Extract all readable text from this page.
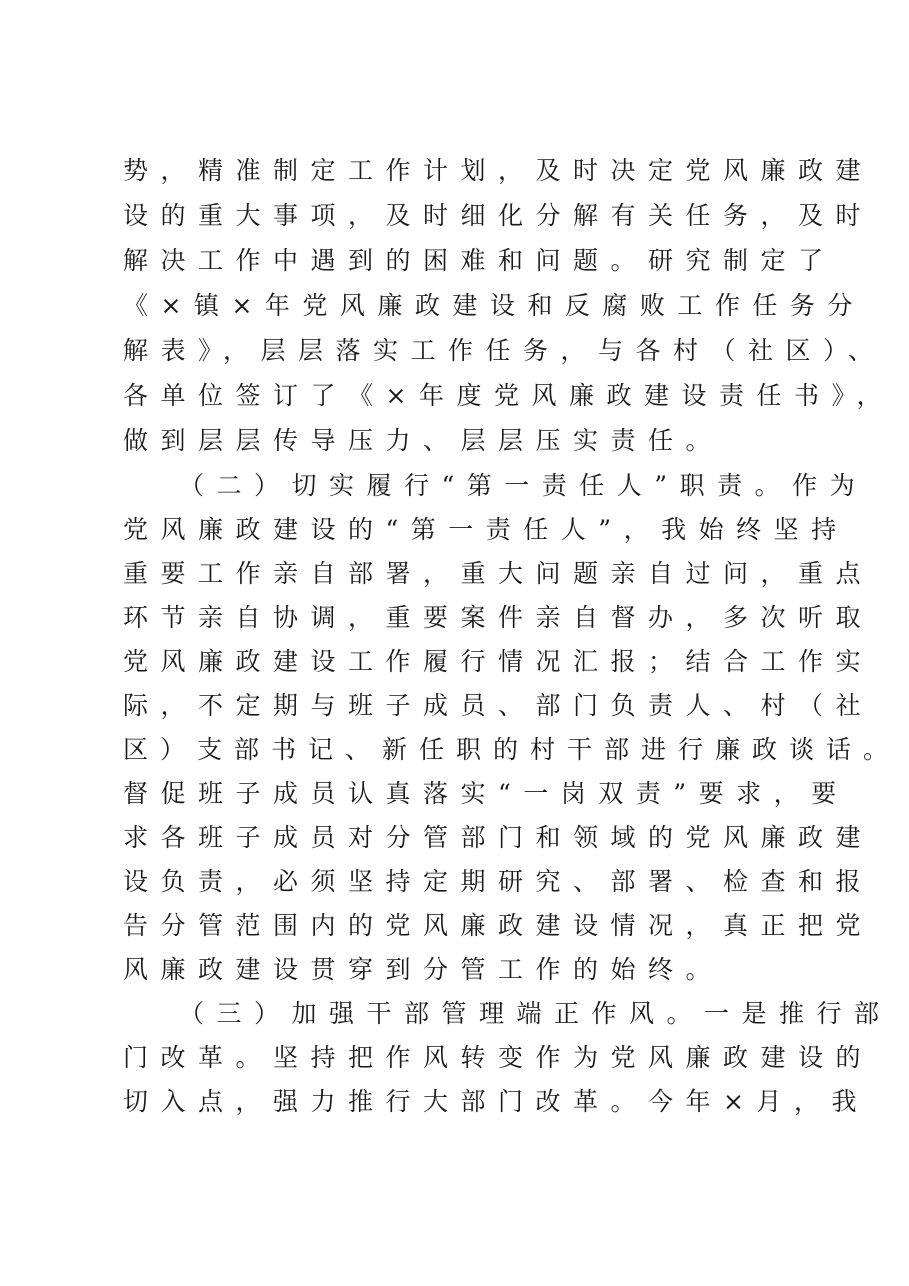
势，精准制定工作计划，及时决定党风廉政建
设的重大事项，及时细化分解有关任务，及时
解决工作中遇到的困难和问题。研究制定了
《×镇×年党风廉政建设和反腐败工作任务分
解表》，层层落实工作任务，与各村（社区）、
各单位签订了《×年度党风廉政建设责任书》，
做到层层传导压力、层层压实责任。
（二）切实履行“第一责任人”职责。作为
党风廉政建设的“第一责任人”，我始终坚持
重要工作亲自部署，重大问题亲自过问，重点
环节亲自协调，重要案件亲自督办，多次听取
党风廉政建设工作履行情况汇报；结合工作实
际，不定期与班子成员、部门负责人、村（社
区）支部书记、新任职的村干部进行廉政谈话。
督促班子成员认真落实“一岗双责”要求，要
求各班子成员对分管部门和领域的党风廉政建
设负责，必须坚持定期研究、部署、检查和报
告分管范围内的党风廉政建设情况，真正把党
风廉政建设贯穿到分管工作的始终。
（三）加强干部管理端正作风。一是推行部
门改革。坚持把作风转变作为党风廉政建设的
切入点，强力推行大部门改革。今年×月，我
